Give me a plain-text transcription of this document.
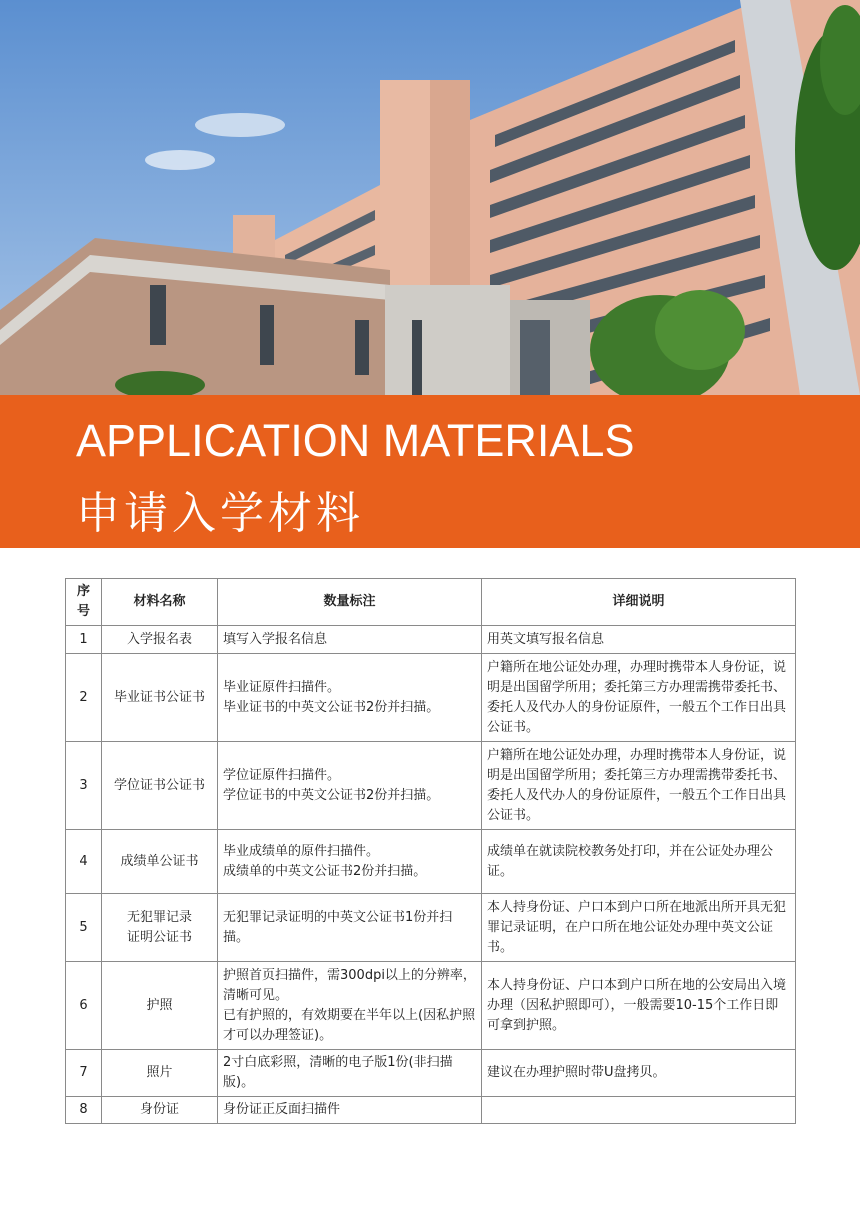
APPLICATION MATERIALS
申请入学材料
序号	材料名称	数量标注	详细说明
1	入学报名表	填写入学报名信息	用英文填写报名信息

2	毕业证书公证书	毕业证原件扫描件。
毕业证书的中英文公证书2份并扫描。	户籍所在地公证处办理，办理时携带本人身份证，说明是出国留学所用；委托第三方办理需携带委托书、委托人及代办人的身份证原件，一般五个工作日出具公证书。

3	学位证书公证书	学位证原件扫描件。
学位证书的中英文公证书2份并扫描。	户籍所在地公证处办理，办理时携带本人身份证，说明是出国留学所用；委托第三方办理需携带委托书、委托人及代办人的身份证原件，一般五个工作日出具公证书。

4	成绩单公证书	毕业成绩单的原件扫描件。
成绩单的中英文公证书2份并扫描。	成绩单在就读院校教务处打印，并在公证处办理公证。

5	无犯罪记录
证明公证书	无犯罪记录证明的中英文公证书1份并扫描。	本人持身份证、户口本到户口所在地派出所开具无犯罪记录证明，在户口所在地公证处办理中英文公证书。

6	护照	护照首页扫描件，需300dpi以上的分辨率，清晰可见。
已有护照的，有效期要在半年以上(因私护照才可以办理签证)。	本人持身份证、户口本到户口所在地的公安局出入境办理（因私护照即可），一般需要10-15个工作日即可拿到护照。

7	照片	2寸白底彩照，清晰的电子版1份(非扫描版)。	建议在办理护照时带U盘拷贝。

8	身份证	身份证正反面扫描件	
